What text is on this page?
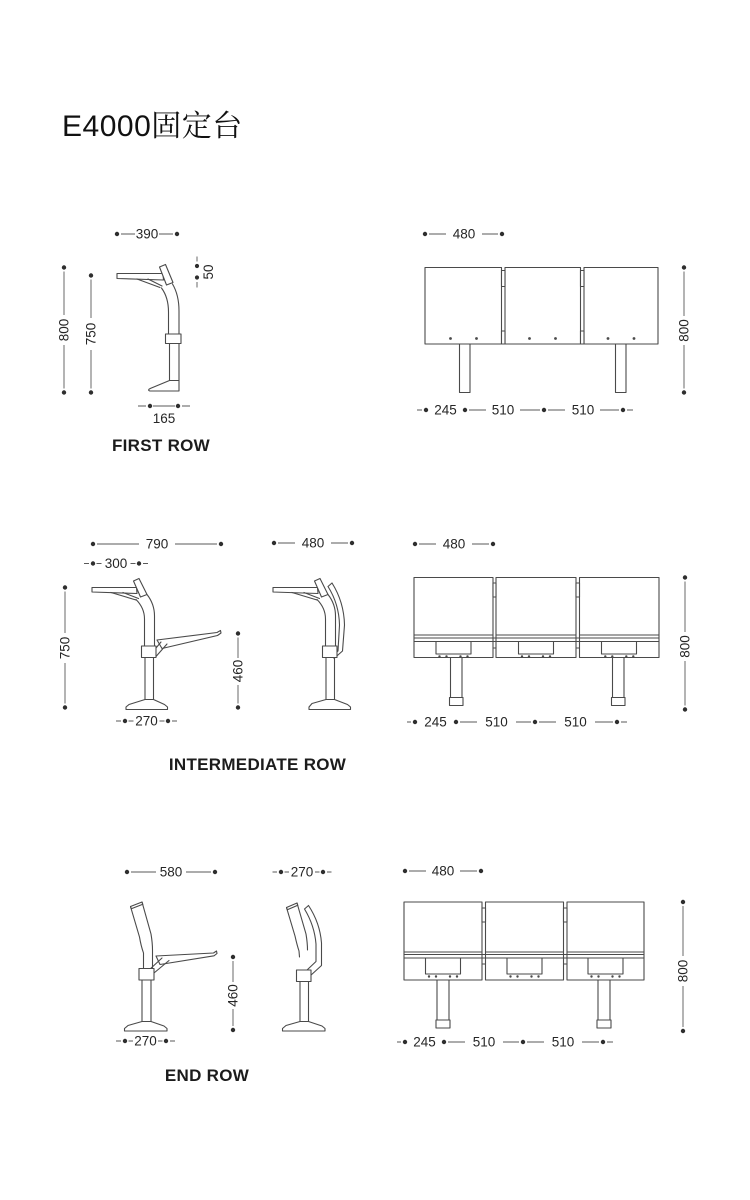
E4000固定台
390
50
800 750
165
480
800
245	510	510
790
300
750
460
270
480	480
800
245	510	510
580
460
270
270	480
800
245	510	510
FIRST ROW
INTERMEDIATE ROW
END ROW
